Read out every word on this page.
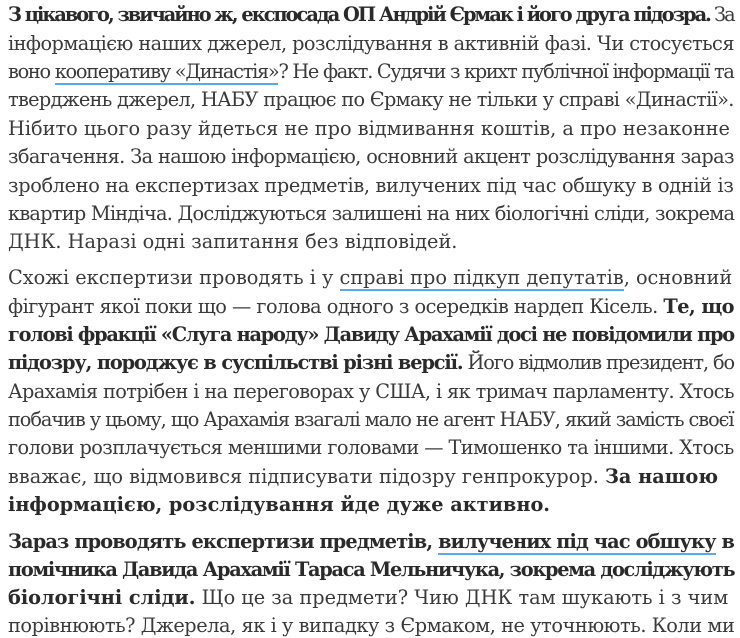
З цікавого, звичайно ж, експосада ОП Андрій Єрмак і його друга підозра. За
інформацією наших джерел, розслідування в активній фазі. Чи стосується
воно кооперативу «Династія»? Не факт. Судячи з крихт публічної інформації та
тверджень джерел, НАБУ працює по Єрмаку не тільки у справі «Династії».
Нібито цього разу йдеться не про відмивання коштів, а про незаконне
збагачення. За нашою інформацією, основний акцент розслідування зараз
зроблено на експертизах предметів, вилучених під час обшуку в одній із
квартир Міндіча. Досліджуються залишені на них біологічні сліди, зокрема
ДНК. Наразі одні запитання без відповідей.
Схожі експертизи проводять і у справі про підкуп депутатів, основний
фігурант якої поки що — голова одного з осередків нардеп Кісель. Те, що
голові фракції «Слуга народу» Давиду Арахамії досі не повідомили про
підозру, породжує в суспільстві різні версії. Його відмолив президент, бо
Арахамія потрібен і на переговорах у США, і як тримач парламенту. Хтось
побачив у цьому, що Арахамія взагалі мало не агент НАБУ, який замість своєї
голови розплачується меншими головами — Тимошенко та іншими. Хтось
вважає, що відмовився підписувати підозру генпрокурор. За нашою
інформацією, розслідування йде дуже активно.
Зараз проводять експертизи предметів, вилучених під час обшуку в
помічника Давида Арахамії Тараса Мельничука, зокрема досліджують
біологічні сліди. Що це за предмети? Чию ДНК там шукають і з чим
порівнюють? Джерела, як і у випадку з Єрмаком, не уточнюють. Коли ми
